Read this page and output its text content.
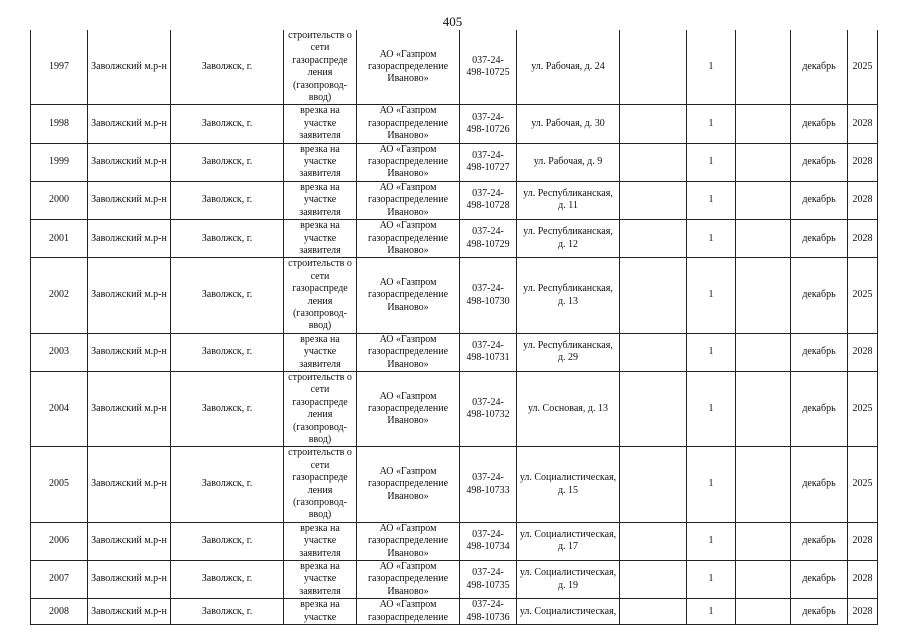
405
1997	Заволжский м.р-н	Заволжск, г.	строительств о сети газораспреде ления (газопровод- ввод)	АО «Газпром газораспределение Иваново»	037-24- 498-10725	ул. Рабочая, д. 24		1		декабрь	2025
1998	Заволжский м.р-н	Заволжск, г.	врезка на участке заявителя	АО «Газпром газораспределение Иваново»	037-24- 498-10726	ул. Рабочая, д. 30		1		декабрь	2028
1999	Заволжский м.р-н	Заволжск, г.	врезка на участке заявителя	АО «Газпром газораспределение Иваново»	037-24- 498-10727	ул. Рабочая, д. 9		1		декабрь	2028
2000	Заволжский м.р-н	Заволжск, г.	врезка на участке заявителя	АО «Газпром газораспределение Иваново»	037-24- 498-10728	ул. Республиканская, д. 11		1		декабрь	2028
2001	Заволжский м.р-н	Заволжск, г.	врезка на участке заявителя	АО «Газпром газораспределение Иваново»	037-24- 498-10729	ул. Республиканская, д. 12		1		декабрь	2028
2002	Заволжский м.р-н	Заволжск, г.	строительств о сети газораспреде ления (газопровод- ввод)	АО «Газпром газораспределение Иваново»	037-24- 498-10730	ул. Республиканская, д. 13		1		декабрь	2025
2003	Заволжский м.р-н	Заволжск, г.	врезка на участке заявителя	АО «Газпром газораспределение Иваново»	037-24- 498-10731	ул. Республиканская, д. 29		1		декабрь	2028
2004	Заволжский м.р-н	Заволжск, г.	строительств о сети газораспреде ления (газопровод- ввод)	АО «Газпром газораспределение Иваново»	037-24- 498-10732	ул. Сосновая, д. 13		1		декабрь	2025
2005	Заволжский м.р-н	Заволжск, г.	строительств о сети газораспреде ления (газопровод- ввод)	АО «Газпром газораспределение Иваново»	037-24- 498-10733	ул. Социалистическая, д. 15		1		декабрь	2025
2006	Заволжский м.р-н	Заволжск, г.	врезка на участке заявителя	АО «Газпром газораспределение Иваново»	037-24- 498-10734	ул. Социалистическая, д. 17		1		декабрь	2028
2007	Заволжский м.р-н	Заволжск, г.	врезка на участке заявителя	АО «Газпром газораспределение Иваново»	037-24- 498-10735	ул. Социалистическая, д. 19		1		декабрь	2028
2008	Заволжский м.р-н	Заволжск, г.	врезка на участке	АО «Газпром газораспределение	037-24- 498-10736	ул. Социалистическая,		1		декабрь	2028
